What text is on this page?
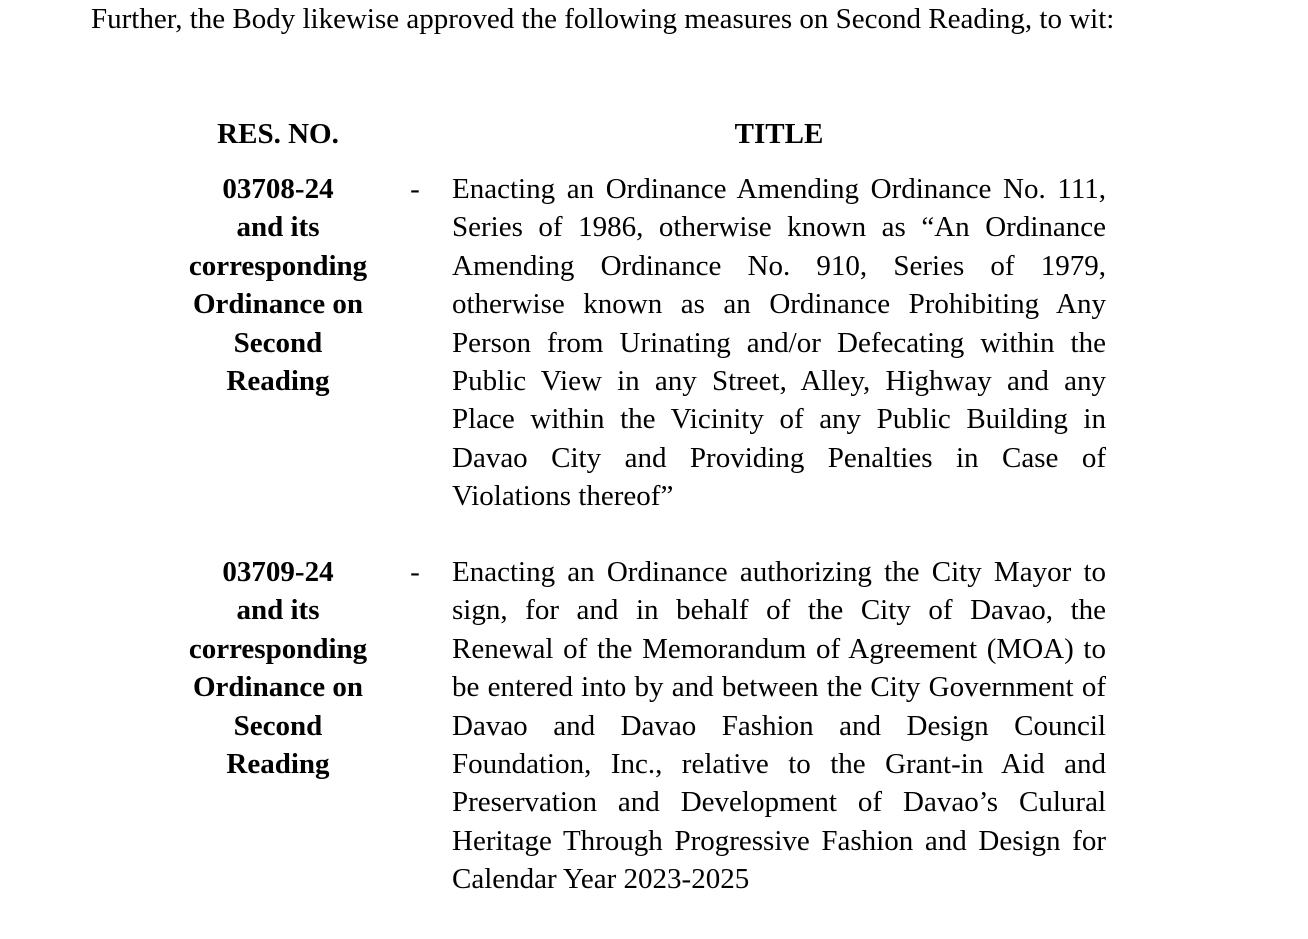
Further, the Body likewise approved the following measures on Second Reading, to wit:

RES. NO.	TITLE
03708-24
and its
corresponding
Ordinance on
Second
Reading
- Enacting an Ordinance Amending Ordinance No. 111, Series of 1986, otherwise known as “An Ordinance Amending Ordinance No. 910, Series of 1979, otherwise known as an Ordinance Prohibiting Any Person from Urinating and/or Defecating within the Public View in any Street, Alley, Highway and any Place within the Vicinity of any Public Building in Davao City and Providing Penalties in Case of Violations thereof”

03709-24
and its
corresponding
Ordinance on
Second
Reading
- Enacting an Ordinance authorizing the City Mayor to sign, for and in behalf of the City of Davao, the Renewal of the Memorandum of Agreement (MOA) to be entered into by and between the City Government of Davao and Davao Fashion and Design Council Foundation, Inc., relative to the Grant-in Aid and Preservation and Development of Davao’s Culural Heritage Through Progressive Fashion and Design for Calendar Year 2023-2025
